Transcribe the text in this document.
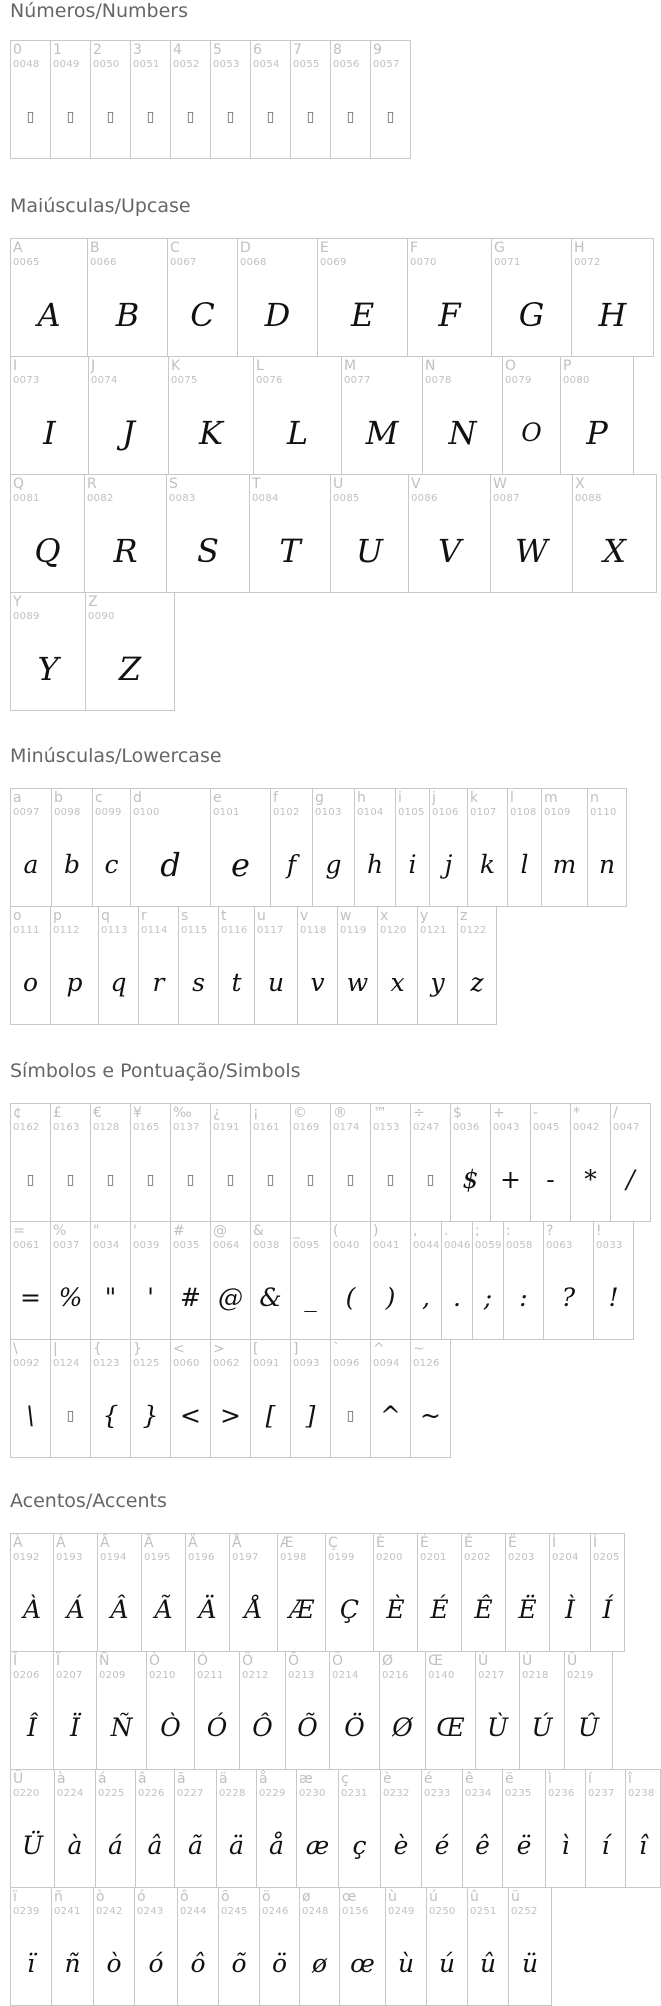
Números/Numbers
0
0048
▯
1
0049
▯
2
0050
▯
3
0051
▯
4
0052
▯
5
0053
▯
6
0054
▯
7
0055
▯
8
0056
▯
9
0057
▯
Maiúsculas/Upcase
A
0065
A
B
0066
B
C
0067
C
D
0068
D
E
0069
E
F
0070
F
G
0071
G
H
0072
H
I
0073
I
J
0074
J
K
0075
K
L
0076
L
M
0077
M
N
0078
N
O
0079
O
P
0080
P
Q
0081
Q
R
0082
R
S
0083
S
T
0084
T
U
0085
U
V
0086
V
W
0087
W
X
0088
X
Y
0089
Y
Z
0090
Z
Minúsculas/Lowercase
a
0097
a
b
0098
b
c
0099
c
d
0100
d
e
0101
e
f
0102
f
g
0103
g
h
0104
h
i
0105
i
j
0106
j
k
0107
k
l
0108
l
m
0109
m
n
0110
n
o
0111
o
p
0112
p
q
0113
q
r
0114
r
s
0115
s
t
0116
t
u
0117
u
v
0118
v
w
0119
w
x
0120
x
y
0121
y
z
0122
z
Símbolos e Pontuação/Simbols
¢
0162
▯
£
0163
▯
€
0128
▯
¥
0165
▯
‰
0137
▯
¿
0191
▯
¡
0161
▯
©
0169
▯
®
0174
▯
™
0153
▯
÷
0247
▯
$
0036
$
+
0043
+
-
0045
-
*
0042
*
/
0047
/
=
0061
=
%
0037
%
"
0034
"
'
0039
'
#
0035
#
@
0064
@
&
0038
&
_
0095
_
(
0040
(
)
0041
)
,
0044
,
.
0046
.
;
0059
;
:
0058
:
?
0063
?
!
0033
!
\
0092
\
|
0124
▯
{
0123
{
}
0125
}
<
0060
<
>
0062
>
[
0091
[
]
0093
]
`
0096
▯
^
0094
^
~
0126
~
Acentos/Accents
À
0192
À
Á
0193
Á
Â
0194
Â
Ã
0195
Ã
Ä
0196
Ä
Å
0197
Å
Æ
0198
Æ
Ç
0199
Ç
È
0200
È
É
0201
É
Ê
0202
Ê
Ë
0203
Ë
Ì
0204
Ì
Í
0205
Í
Î
0206
Î
Ï
0207
Ï
Ñ
0209
Ñ
Ò
0210
Ò
Ó
0211
Ó
Ô
0212
Ô
Õ
0213
Õ
Ö
0214
Ö
Ø
0216
Ø
Œ
0140
Œ
Ù
0217
Ù
Ú
0218
Ú
Û
0219
Û
Ü
0220
Ü
à
0224
à
á
0225
á
â
0226
â
ã
0227
ã
ä
0228
ä
å
0229
å
æ
0230
æ
ç
0231
ç
è
0232
è
é
0233
é
ê
0234
ê
ë
0235
ë
ì
0236
ì
í
0237
í
î
0238
î
ï
0239
ï
ñ
0241
ñ
ò
0242
ò
ó
0243
ó
ô
0244
ô
õ
0245
õ
ö
0246
ö
ø
0248
ø
œ
0156
œ
ù
0249
ù
ú
0250
ú
û
0251
û
ü
0252
ü
